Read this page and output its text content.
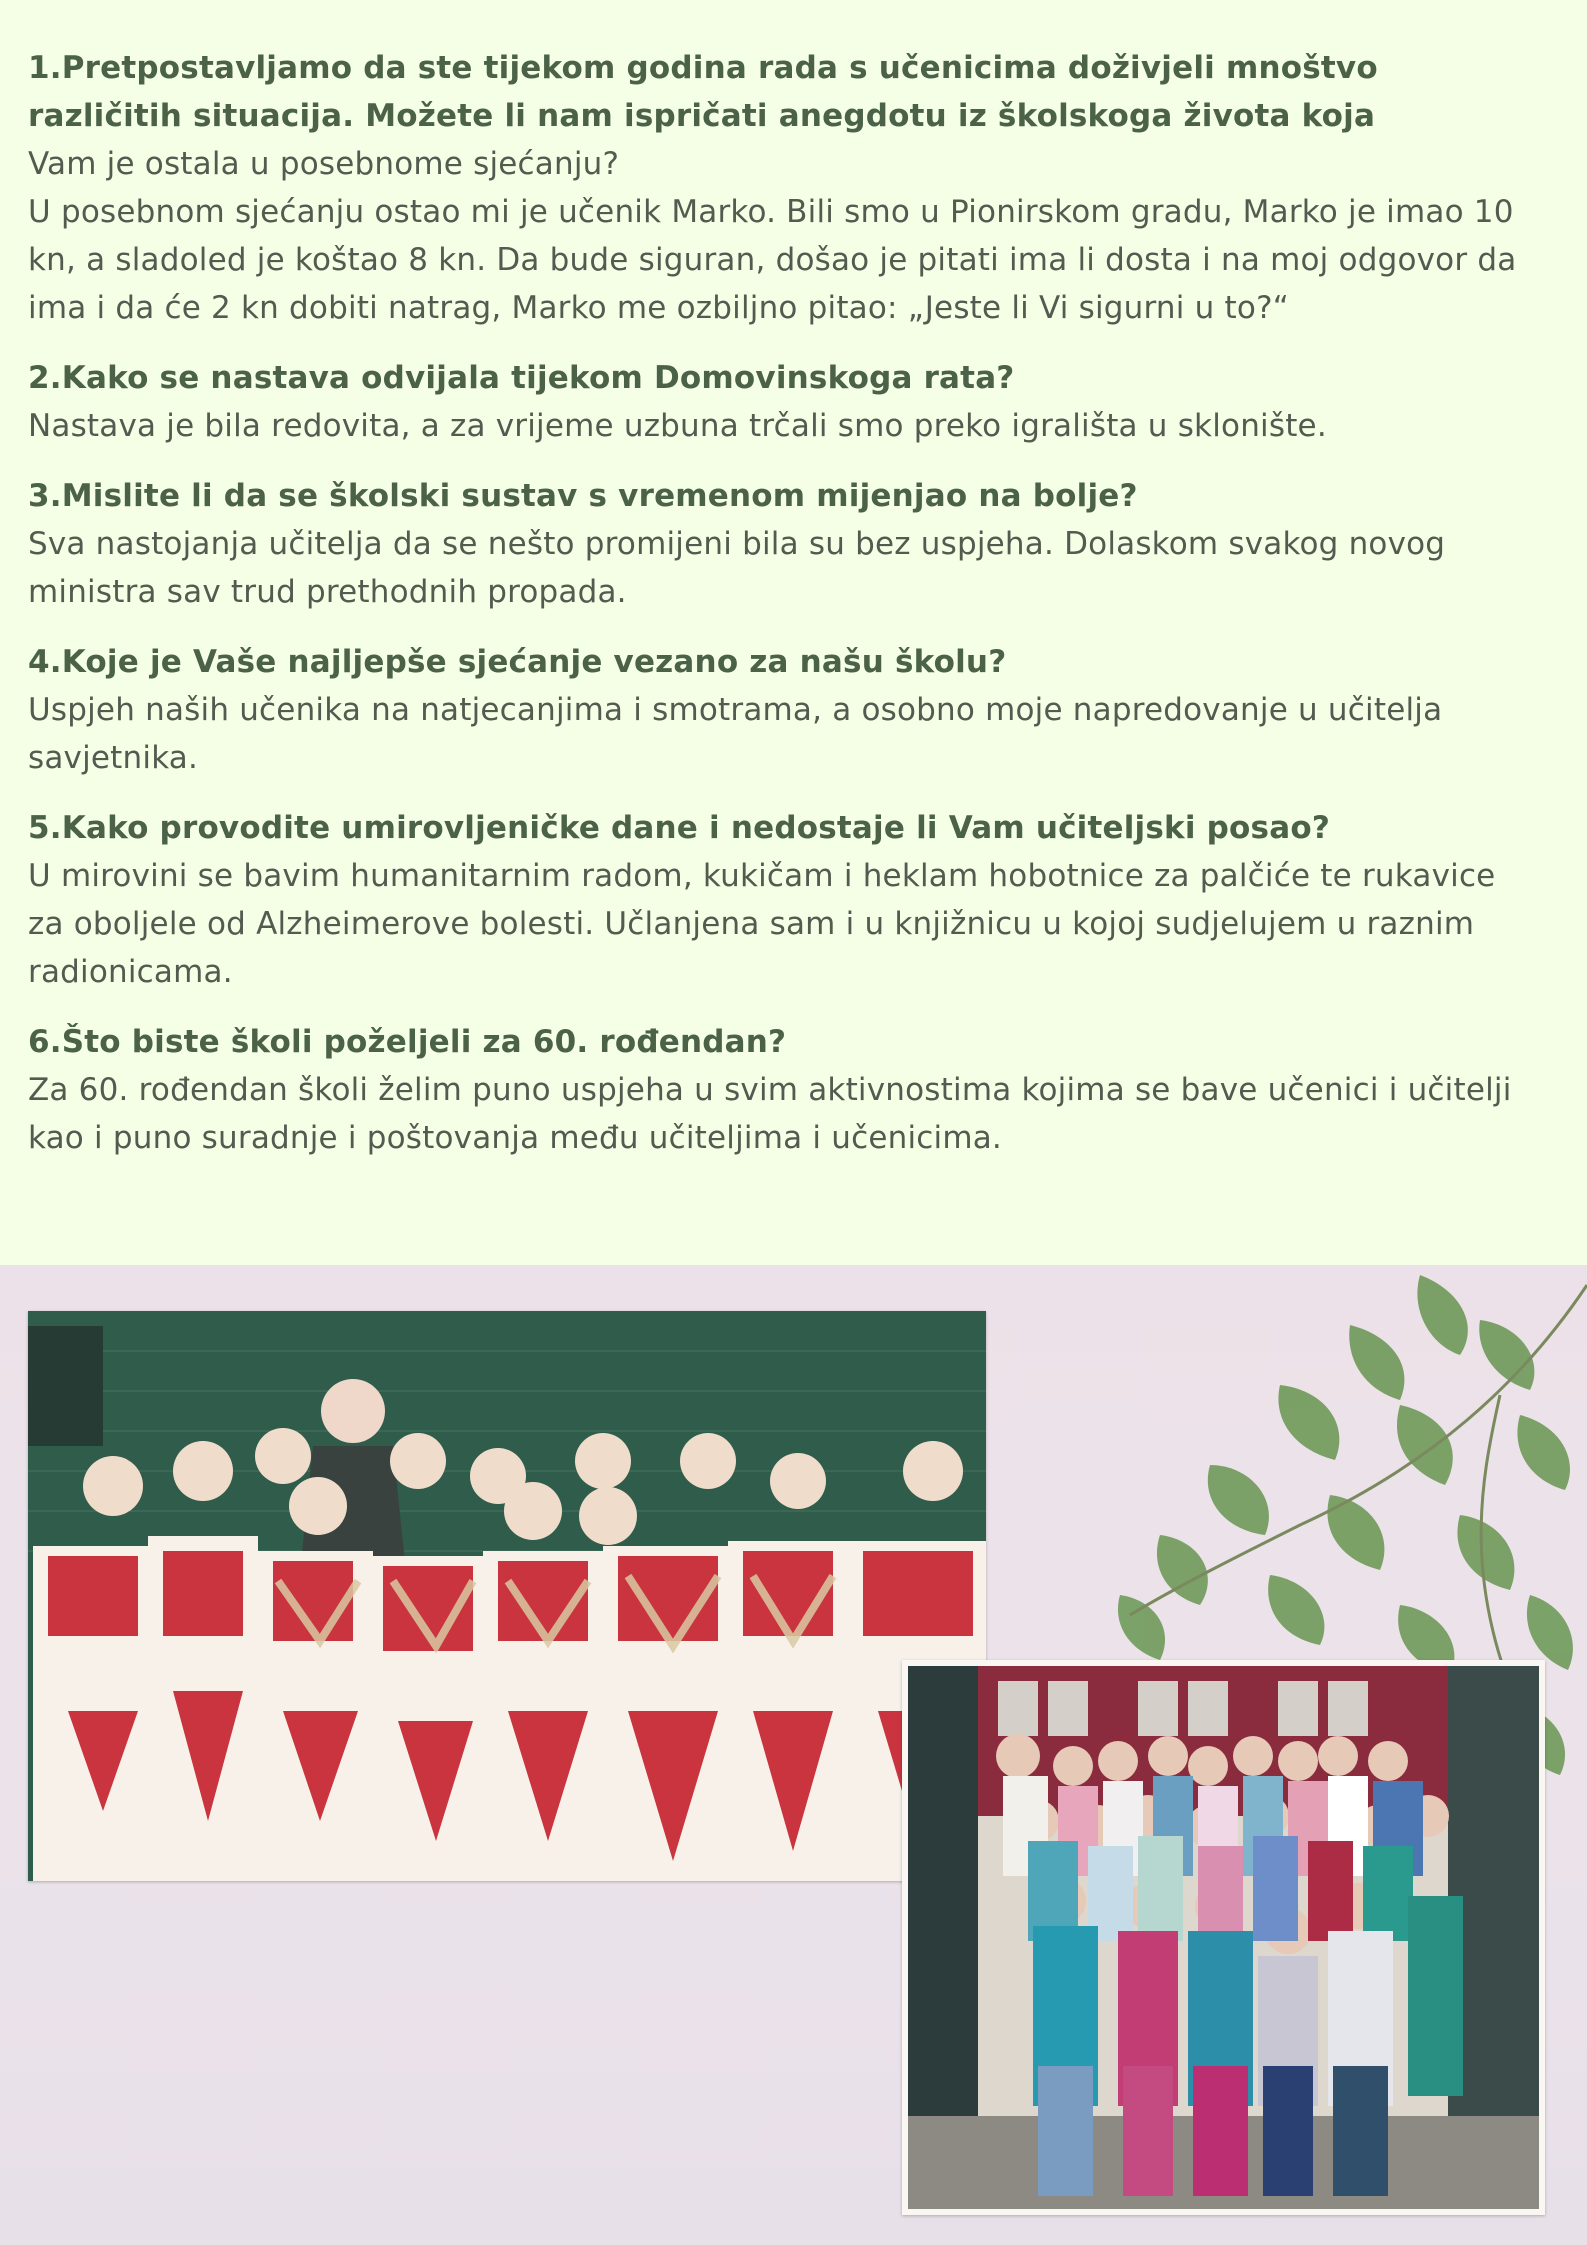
1.Pretpostavljamo da ste tijekom godina rada s učenicima doživjeli mnoštvo različitih situacija. Možete li nam ispričati anegdotu iz školskoga života koja

Vam je ostala u posebnome sjećanju?

U posebnom sjećanju ostao mi je učenik Marko. Bili smo u Pionirskom gradu, Marko je imao 10 kn, a sladoled je koštao 8 kn. Da bude siguran, došao je pitati ima li dosta i na moj odgovor da ima i da će 2 kn dobiti natrag, Marko me ozbiljno pitao: „Jeste li Vi sigurni u to?“

2.Kako se nastava odvijala tijekom Domovinskoga rata?

Nastava je bila redovita, a za vrijeme uzbuna trčali smo preko igrališta u sklonište.

3.Mislite li da se školski sustav s vremenom mijenjao na bolje?

Sva nastojanja učitelja da se nešto promijeni bila su bez uspjeha. Dolaskom svakog novog ministra sav trud prethodnih propada.

4.Koje je Vaše najljepše sjećanje vezano za našu školu?

Uspjeh naših učenika na natjecanjima i smotrama, a osobno moje napredovanje u učitelja savjetnika.

5.Kako provodite umirovljeničke dane i nedostaje li Vam učiteljski posao?

U mirovini se bavim humanitarnim radom, kukičam i heklam hobotnice za palčiće te rukavice za oboljele od Alzheimerove bolesti. Učlanjena sam i u knjižnicu u kojoj sudjelujem u raznim radionicama.

6.Što biste školi poželjeli za 60. rođendan?

Za 60. rođendan školi želim puno uspjeha u svim aktivnostima kojima se bave učenici i učitelji kao i puno suradnje i poštovanja među učiteljima i učenicima.
